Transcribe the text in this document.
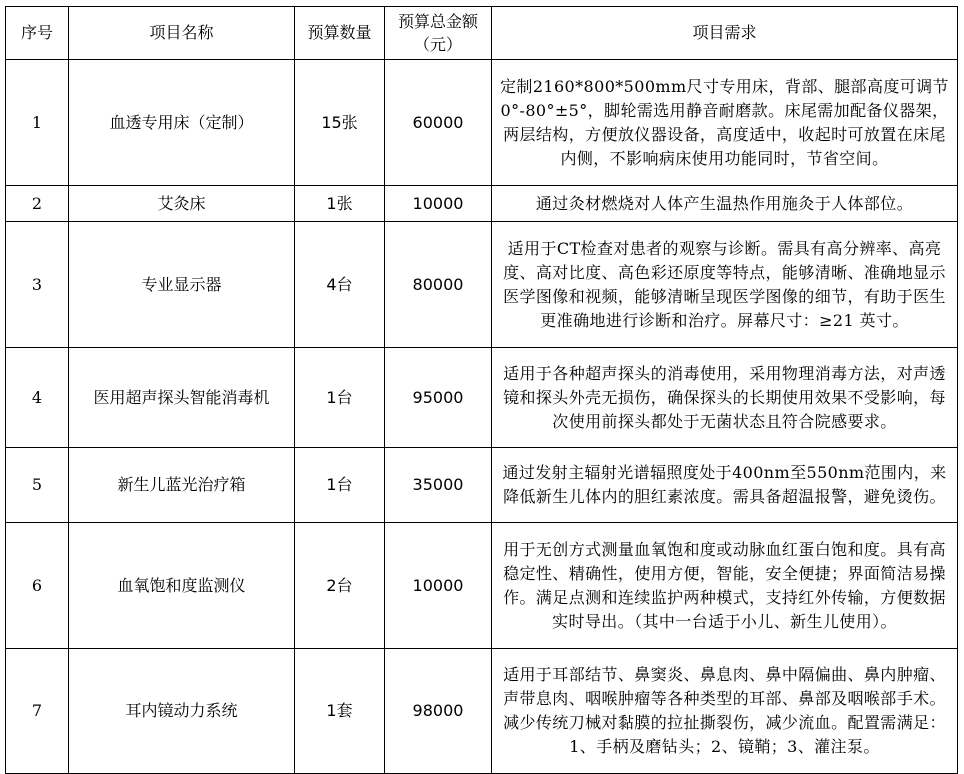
序号	项目名称	预算数量	预算总金额（元）	项目需求
1	血透专用床（定制）	15张	60000	定制2160*800*500mm尺寸专用床，背部、腿部高度可调节0°-80°±5°，脚轮需选用静音耐磨款。床尾需加配备仪器架，两层结构，方便放仪器设备，高度适中，收起时可放置在床尾内侧，不影响病床使用功能同时，节省空间。
2	艾灸床	1张	10000	通过灸材燃烧对人体产生温热作用施灸于人体部位。
3	专业显示器	4台	80000	适用于CT检查对患者的观察与诊断。需具有高分辨率、高亮度、高对比度、高色彩还原度等特点，能够清晰、准确地显示医学图像和视频，能够清晰呈现医学图像的细节，有助于医生更准确地进行诊断和治疗。屏幕尺寸：≥21 英寸。
4	医用超声探头智能消毒机	1台	95000	适用于各种超声探头的消毒使用，采用物理消毒方法，对声透镜和探头外壳无损伤，确保探头的长期使用效果不受影响，每次使用前探头都处于无菌状态且符合院感要求。
5	新生儿蓝光治疗箱	1台	35000	通过发射主辐射光谱辐照度处于400nm至550nm范围内，来降低新生儿体内的胆红素浓度。需具备超温报警，避免烫伤。
6	血氧饱和度监测仪	2台	10000	用于无创方式测量血氧饱和度或动脉血红蛋白饱和度。具有高稳定性、精确性，使用方便，智能，安全便捷；界面简洁易操作。满足点测和连续监护两种模式，支持红外传输，方便数据实时导出。（其中一台适于小儿、新生儿使用）。
7	耳内镜动力系统	1套	98000	适用于耳部结节、鼻窦炎、鼻息肉、鼻中隔偏曲、鼻内肿瘤、声带息肉、咽喉肿瘤等各种类型的耳部、鼻部及咽喉部手术。减少传统刀械对黏膜的拉扯撕裂伤，减少流血。配置需满足：1、手柄及磨钻头；2、镜鞘；3、灌注泵。
